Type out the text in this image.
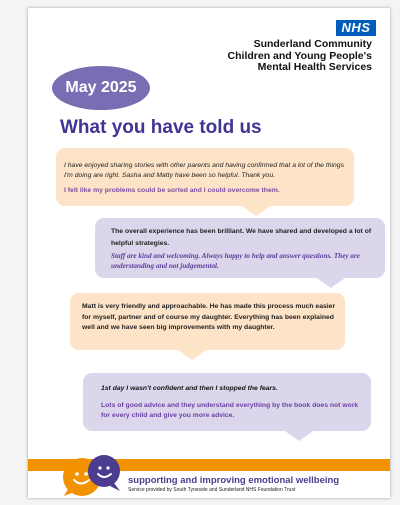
NHS
Sunderland Community
Children and Young People's
Mental Health Services
May 2025
What you have told us

I have enjoyed sharing stories with other parents and having confirmed that a lot of the things I'm doing are right. Sasha and Matty have been so helpful. Thank you.

I felt like my problems could be sorted and I could overcome them.

The overall experience has been brilliant. We have shared and developed a lot of helpful strategies.

Staff are kind and welcoming. Always happy to help and answer questions. They are understanding and not judgemental.

Matt is very friendly and approachable. He has made this process much easier for myself, partner and of course my daughter. Everything has been explained well and we have seen big improvements with my daughter.

1st day I wasn't confident and then I stopped the fears.

Lots of good advice and they understand everything by the book does not work for every child and give you more advice.

supporting and improving emotional wellbeing
Service provided by South Tyneside and Sunderland NHS Foundation Trust
